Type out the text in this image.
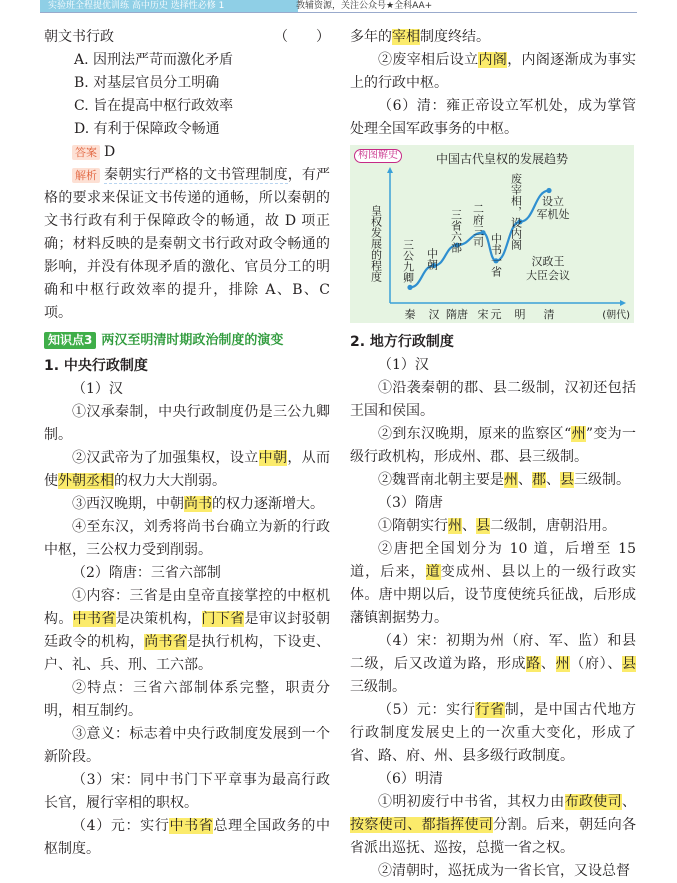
实验班全程提优训练 高中历史 选择性必修 1	教辅资源，关注公众号★全科AA+

朝文书行政	（　　）

A. 因刑法严苛而激化矛盾

B. 对基层官员分工明确

C. 旨在提高中枢行政效率

D. 有利于保障政令畅通

答案 D

解析 秦朝实行严格的文书管理制度，有严格的要求来保证文书传递的通畅，所以秦朝的文书行政有利于保障政令的畅通，故 D 项正确；材料反映的是秦朝文书行政对政令畅通的影响，并没有体现矛盾的激化、官员分工的明确和中枢行政效率的提升，排除 A、B、C 项。

知识点3 两汉至明清时期政治制度的演变

1. 中央行政制度

（1）汉

①汉承秦制，中央行政制度仍是三公九卿制。

②汉武帝为了加强集权，设立中朝，从而使外朝丞相的权力大大削弱。

③西汉晚期，中朝尚书的权力逐渐增大。

④至东汉，刘秀将尚书台确立为新的行政中枢，三公权力受到削弱。

（2）隋唐：三省六部制

①内容：三省是由皇帝直接掌控的中枢机构。中书省是决策机构，门下省是审议封驳朝廷政令的机构，尚书省是执行机构，下设吏、户、礼、兵、刑、工六部。

②特点：三省六部制体系完整，职责分明，相互制约。

③意义：标志着中央行政制度发展到一个新阶段。

（3）宋：同中书门下平章事为最高行政长官，履行宰相的职权。

（4）元：实行中书省总理全国政务的中枢制度。

多年的宰相制度终结。

②废宰相后设立内阁，内阁逐渐成为事实上的行政中枢。

（6）清：雍正帝设立军机处，成为掌管处理全国军政事务的中枢。

构图解史	中国古代皇权的发展趋势
皇权发展的程度
秦 汉 隋唐 宋 元 明 清	(朝代)
三公九卿 中朝
三省六部 二府三司
中书一省
废宰相，设内阁
汉政王
大臣会议
设立
军机处

2. 地方行政制度

（1）汉

①沿袭秦朝的郡、县二级制，汉初还包括王国和侯国。

②到东汉晚期，原来的监察区“州”变为一级行政机构，形成州、郡、县三级制。

②魏晋南北朝主要是州、郡、县三级制。

（3）隋唐

①隋朝实行州、县二级制，唐朝沿用。

②唐把全国划分为 10 道，后增至 15 道，后来，道变成州、县以上的一级行政实体。唐中期以后，设节度使统兵征战，后形成藩镇割据势力。

（4）宋：初期为州（府、军、监）和县二级，后又改道为路，形成路、州（府）、县三级制。

（5）元：实行行省制，是中国古代地方行政制度发展史上的一次重大变化，形成了省、路、府、州、县多级行政制度。

（6）明清

①明初废行中书省，其权力由布政使司、按察使司、都指挥使司分割。后来，朝廷向各省派出巡抚、巡按，总揽一省之权。

②清朝时，巡抚成为一省长官，又设总督
